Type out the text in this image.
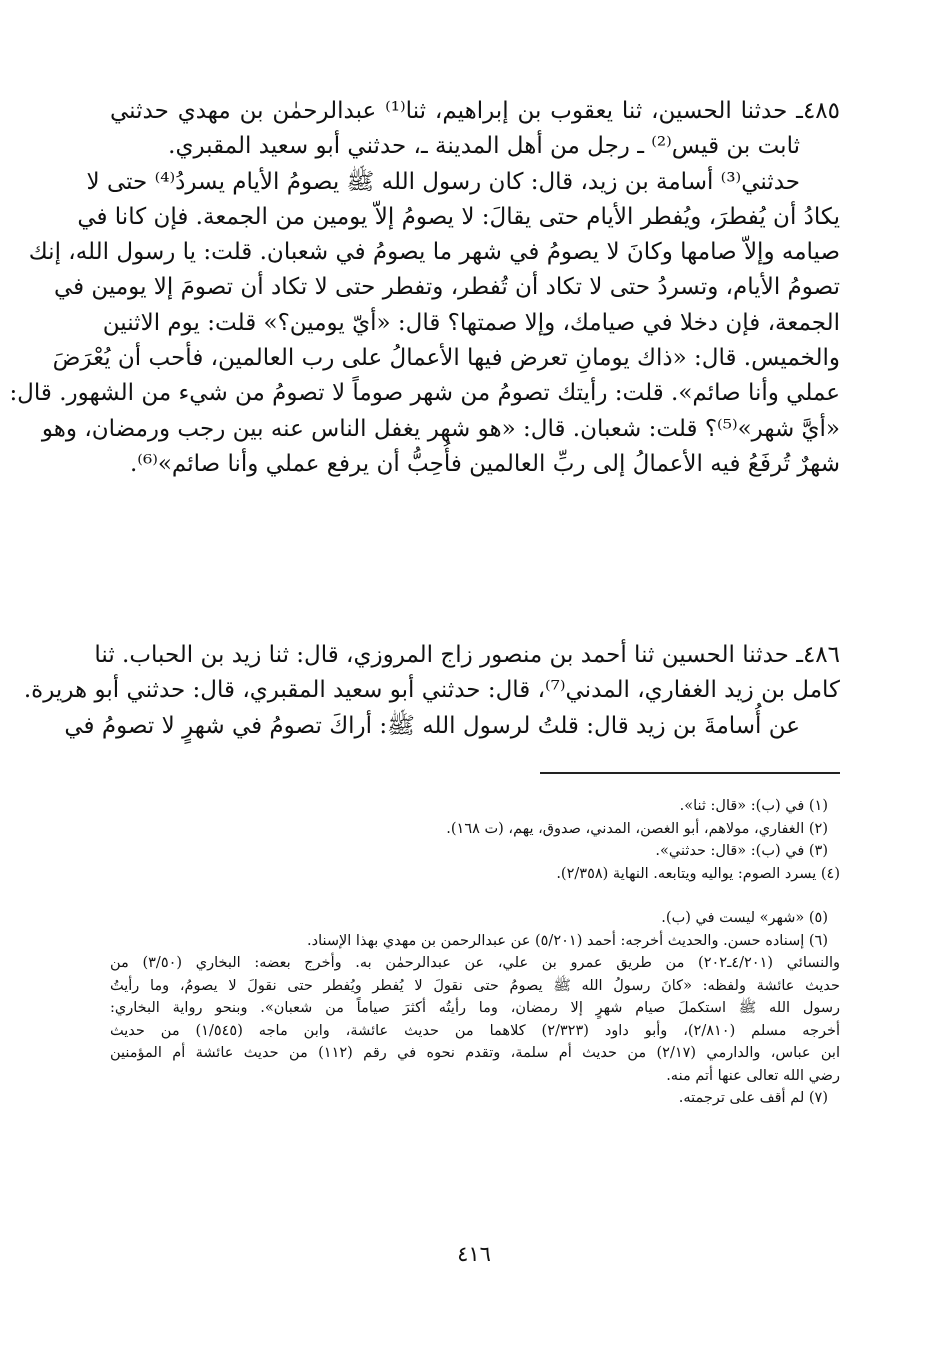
٤٨٥ـ حدثنا الحسين، ثنا يعقوب بن إبراهيم، ثنا⁽¹⁾ عبدالرحمٰن بن مهدي حدثني
ثابت بن قيس⁽²⁾ ـ رجل من أهل المدينة ـ، حدثني أبو سعيد المقبري.
حدثني⁽³⁾ أسامة بن زيد، قال: كان رسول الله ﷺ يصومُ الأيام يسردُ⁽⁴⁾ حتى لا
يكادُ أن يُفطرَ، ويُفطر الأيام حتى يقالَ: لا يصومُ إلاّ يومين من الجمعة. فإن كانا في
صيامه وإلاّ صامها وكانَ لا يصومُ في شهر ما يصومُ في شعبان. قلت: يا رسول الله، إنك
تصومُ الأيام، وتسردُ حتى لا تكاد أن تُفطر، وتفطر حتى لا تكاد أن تصومَ إلا يومين في
الجمعة، فإن دخلا في صيامك، وإلا صمتها؟ قال: «أيّ يومين؟» قلت: يوم الاثنين
والخميس. قال: «ذاك يومانِ تعرض فيها الأعمالُ على رب العالمين، فأحب أن يُعْرَضَ
عملي وأنا صائم». قلت: رأيتك تصومُ من شهر صوماً لا تصومُ من شيء من الشهور. قال:
«أيَّ شهر»⁽⁵⁾؟ قلت: شعبان. قال: «هو شهر يغفل الناس عنه بين رجب ورمضان، وهو
شهرٌ تُرفَعُ فيه الأعمالُ إلى ربِّ العالمين فأُحِبُّ أن يرفع عملي وأنا صائم»⁽⁶⁾.
٤٨٦ـ حدثنا الحسين ثنا أحمد بن منصور زاج المروزي، قال: ثنا زيد بن الحباب. ثنا
كامل بن زيد الغفاري، المدني⁽⁷⁾، قال: حدثني أبو سعيد المقبري، قال: حدثني أبو هريرة.
عن أُسامةَ بن زيد قال: قلتُ لرسول الله ﷺ: أراكَ تصومُ في شهرٍ لا تصومُ في
(١) في (ب): «قال: ثنا».
(٢) الغفاري، مولاهم، أبو الغصن، المدني، صدوق، يهم، (ت ١٦٨).
(٣) في (ب): «قال: حدثني».
(٤) يسرد الصوم: يواليه ويتابعه. النهاية (٢/٣٥٨).
(٥) «شهر» ليست في (ب).
(٦) إسناده حسن. والحديث أخرجه: أحمد (٥/٢٠١) عن عبدالرحمن بن مهدي بهذا الإسناد.
والنسائي (٤/٢٠١ـ٢٠٢) من طريق عمرو بن علي، عن عبدالرحمٰن به. وأخرج بعضه: البخاري (٣/٥٠) من
حديث عائشة ولفظه: «كانَ رسولُ الله ﷺ يصومُ حتى نقولَ لا يُفطر ويُفطر حتى نقولَ لا يصومُ، وما رأيتُ
رسول الله ﷺ استكملَ صيام شهرٍ إلا رمضان، وما رأيتُه أكثرَ صياماً من شعبان». وبنحو رواية البخاري:
أخرجه مسلم (٢/٨١٠)، وأبو داود (٢/٣٢٣) كلاهما من حديث عائشة، وابن ماجه (١/٥٤٥) من حديث
ابن عباس، والدارمي (٢/١٧) من حديث أم سلمة، وتقدم نحوه في رقم (١١٢) من حديث عائشة أم المؤمنين
رضي الله تعالى عنها أتم منه.
(٧) لم أقف على ترجمته.
٤١٦
